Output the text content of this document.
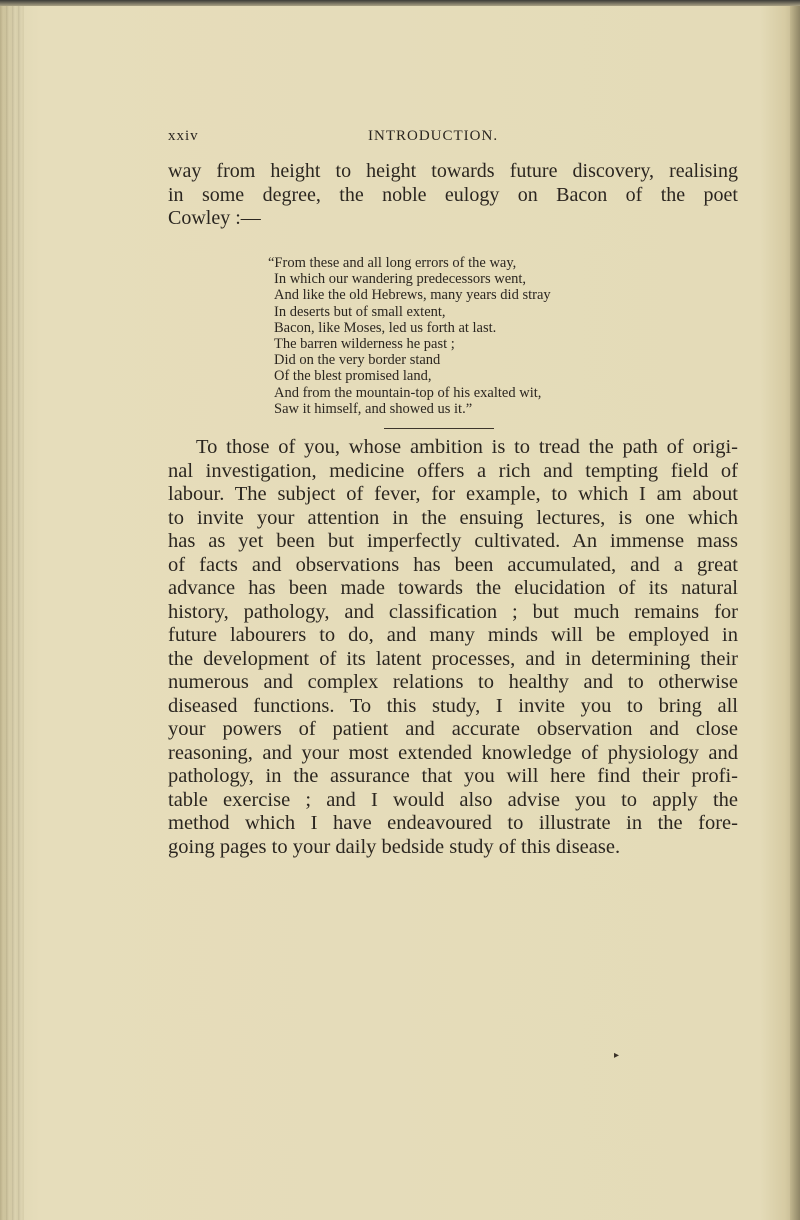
xxiv	INTRODUCTION.
way from height to height towards future discovery, realising
in some degree, the noble eulogy on Bacon of the poet
Cowley :—
“From these and all long errors of the way,
In which our wandering predecessors went,
And like the old Hebrews, many years did stray
In deserts but of small extent,
Bacon, like Moses, led us forth at last.
The barren wilderness he past ;
Did on the very border stand
Of the blest promised land,
And from the mountain-top of his exalted wit,
Saw it himself, and showed us it.”
To those of you, whose ambition is to tread the path of origi-
nal investigation, medicine offers a rich and tempting field of
labour. The subject of fever, for example, to which I am about
to invite your attention in the ensuing lectures, is one which
has as yet been but imperfectly cultivated. An immense mass
of facts and observations has been accumulated, and a great
advance has been made towards the elucidation of its natural
history, pathology, and classification ; but much remains for
future labourers to do, and many minds will be employed in
the development of its latent processes, and in determining their
numerous and complex relations to healthy and to otherwise
diseased functions. To this study, I invite you to bring all
your powers of patient and accurate observation and close
reasoning, and your most extended knowledge of physiology and
pathology, in the assurance that you will here find their profi-
table exercise ; and I would also advise you to apply the
method which I have endeavoured to illustrate in the fore-
going pages to your daily bedside study of this disease.
▸
